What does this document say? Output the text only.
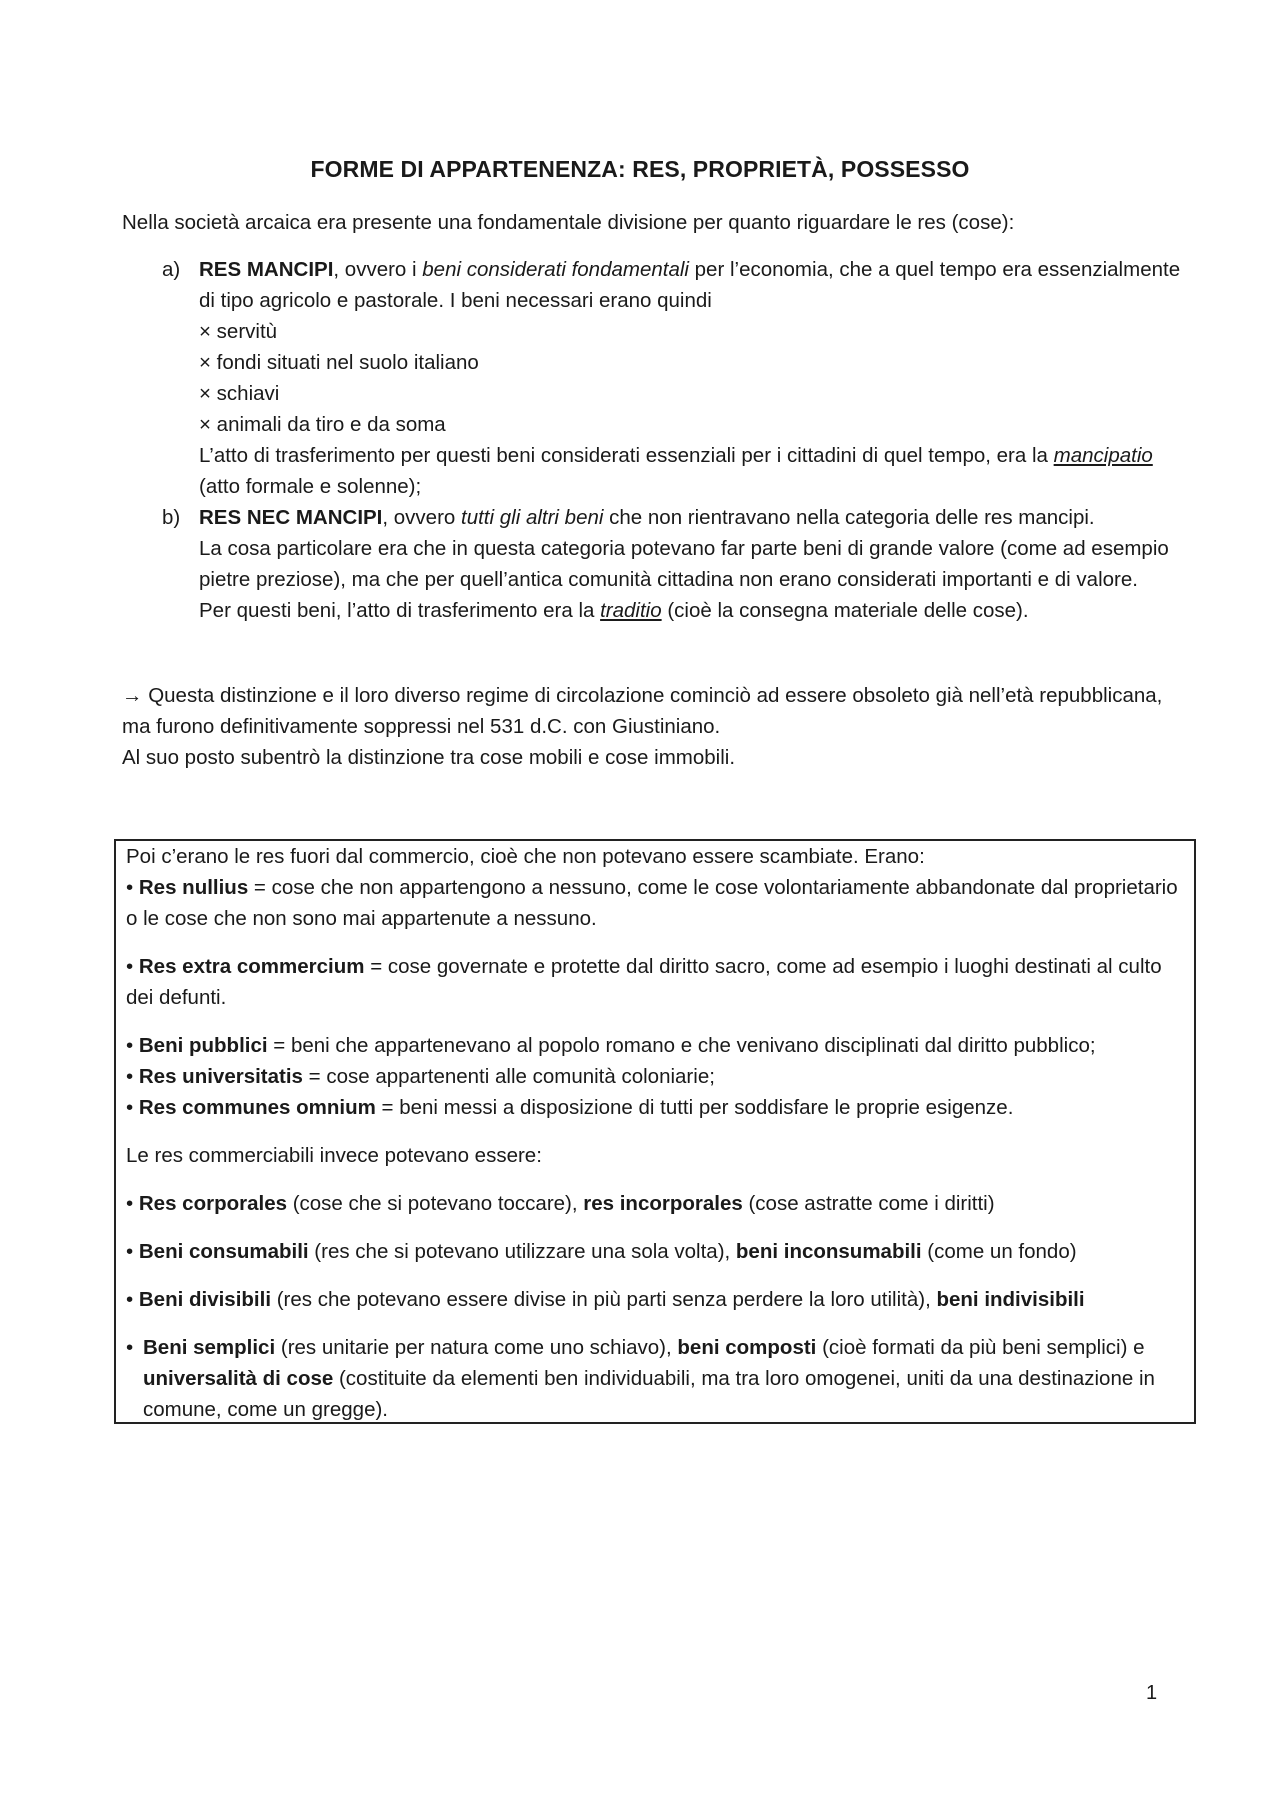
FORME DI APPARTENENZA: RES, PROPRIETÀ, POSSESSO
Nella società arcaica era presente una fondamentale divisione per quanto riguardare le res (cose):
a) RES MANCIPI, ovvero i beni considerati fondamentali per l’economia, che a quel tempo era essenzialmente di tipo agricolo e pastorale. I beni necessari erano quindi
× servitù
× fondi situati nel suolo italiano
× schiavi
× animali da tiro e da soma
L’atto di trasferimento per questi beni considerati essenziali per i cittadini di quel tempo, era la mancipatio (atto formale e solenne);
b) RES NEC MANCIPI, ovvero tutti gli altri beni che non rientravano nella categoria delle res mancipi.
La cosa particolare era che in questa categoria potevano far parte beni di grande valore (come ad esempio pietre preziose), ma che per quell’antica comunità cittadina non erano considerati importanti e di valore.
Per questi beni, l’atto di trasferimento era la traditio (cioè la consegna materiale delle cose).
→ Questa distinzione e il loro diverso regime di circolazione cominciò ad essere obsoleto già nell’età repubblicana, ma furono definitivamente soppressi nel 531 d.C. con Giustiniano.
Al suo posto subentrò la distinzione tra cose mobili e cose immobili.

Poi c’erano le res fuori dal commercio, cioè che non potevano essere scambiate. Erano:

• Res nullius = cose che non appartengono a nessuno, come le cose volontariamente abbandonate dal proprietario o le cose che non sono mai appartenute a nessuno.

• Res extra commercium = cose governate e protette dal diritto sacro, come ad esempio i luoghi destinati al culto dei defunti.

• Beni pubblici = beni che appartenevano al popolo romano e che venivano disciplinati dal diritto pubblico;

• Res universitatis = cose appartenenti alle comunità coloniarie;

• Res communes omnium = beni messi a disposizione di tutti per soddisfare le proprie esigenze.

Le res commerciabili invece potevano essere:

• Res corporales (cose che si potevano toccare), res incorporales (cose astratte come i diritti)

• Beni consumabili (res che si potevano utilizzare una sola volta), beni inconsumabili (come un fondo)

• Beni divisibili (res che potevano essere divise in più parti senza perdere la loro utilità), beni indivisibili

• Beni semplici (res unitarie per natura come uno schiavo), beni composti (cioè formati da più beni semplici) e universalità di cose (costituite da elementi ben individuabili, ma tra loro omogenei, uniti da una destinazione in comune, come un gregge).
1
